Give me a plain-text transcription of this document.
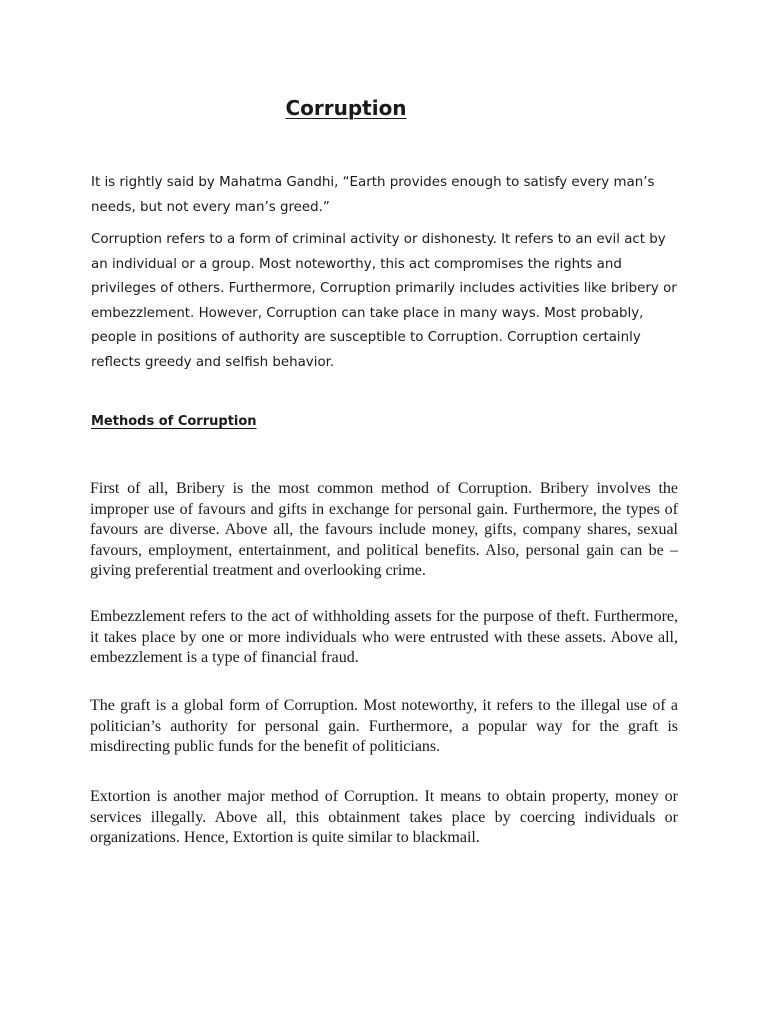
Corruption

It is rightly said by Mahatma Gandhi, “Earth provides enough to satisfy every man’s needs, but not every man’s greed.”

Corruption refers to a form of criminal activity or dishonesty. It refers to an evil act by an individual or a group. Most noteworthy, this act compromises the rights and privileges of others. Furthermore, Corruption primarily includes activities like bribery or embezzlement. However, Corruption can take place in many ways. Most probably, people in positions of authority are susceptible to Corruption. Corruption certainly reflects greedy and selfish behavior.

Methods of Corruption

First of all, Bribery is the most common method of Corruption. Bribery involves the improper use of favours and gifts in exchange for personal gain. Furthermore, the types of favours are diverse. Above all, the favours include money, gifts, company shares, sexual favours, employment, entertainment, and political benefits. Also, personal gain can be – giving preferential treatment and overlooking crime.

Embezzlement refers to the act of withholding assets for the purpose of theft. Furthermore, it takes place by one or more individuals who were entrusted with these assets. Above all, embezzlement is a type of financial fraud.

The graft is a global form of Corruption. Most noteworthy, it refers to the illegal use of a politician’s authority for personal gain. Furthermore, a popular way for the graft is misdirecting public funds for the benefit of politicians.

Extortion is another major method of Corruption. It means to obtain property, money or services illegally. Above all, this obtainment takes place by coercing individuals or organizations. Hence, Extortion is quite similar to blackmail.
